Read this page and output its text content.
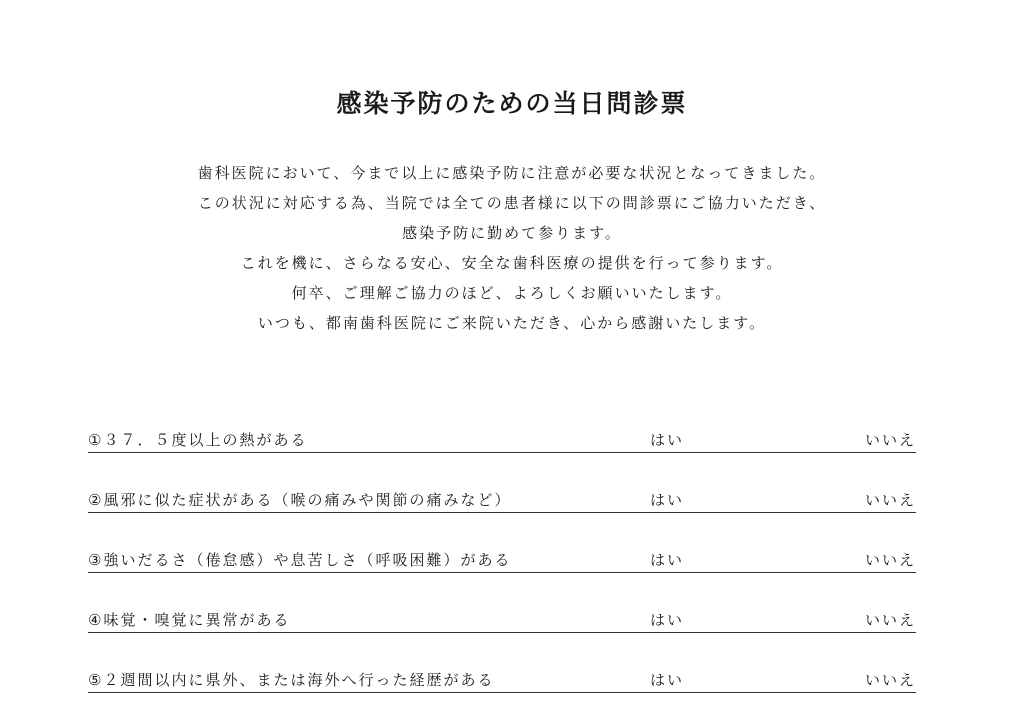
感染予防のための当日問診票
歯科医院において、今まで以上に感染予防に注意が必要な状況となってきました。
この状況に対応する為、当院では全ての患者様に以下の問診票にご協力いただき、
感染予防に勤めて参ります。
これを機に、さらなる安心、安全な歯科医療の提供を行って参ります。
何卒、ご理解ご協力のほど、よろしくお願いいたします。
いつも、都南歯科医院にご来院いただき、心から感謝いたします。
①３７．５度以上の熱がある	はい	いいえ
②風邪に似た症状がある（喉の痛みや関節の痛みなど）	はい	いいえ
③強いだるさ（倦怠感）や息苦しさ（呼吸困難）がある	はい	いいえ
④味覚・嗅覚に異常がある	はい	いいえ
⑤２週間以内に県外、または海外へ行った経歴がある	はい	いいえ
